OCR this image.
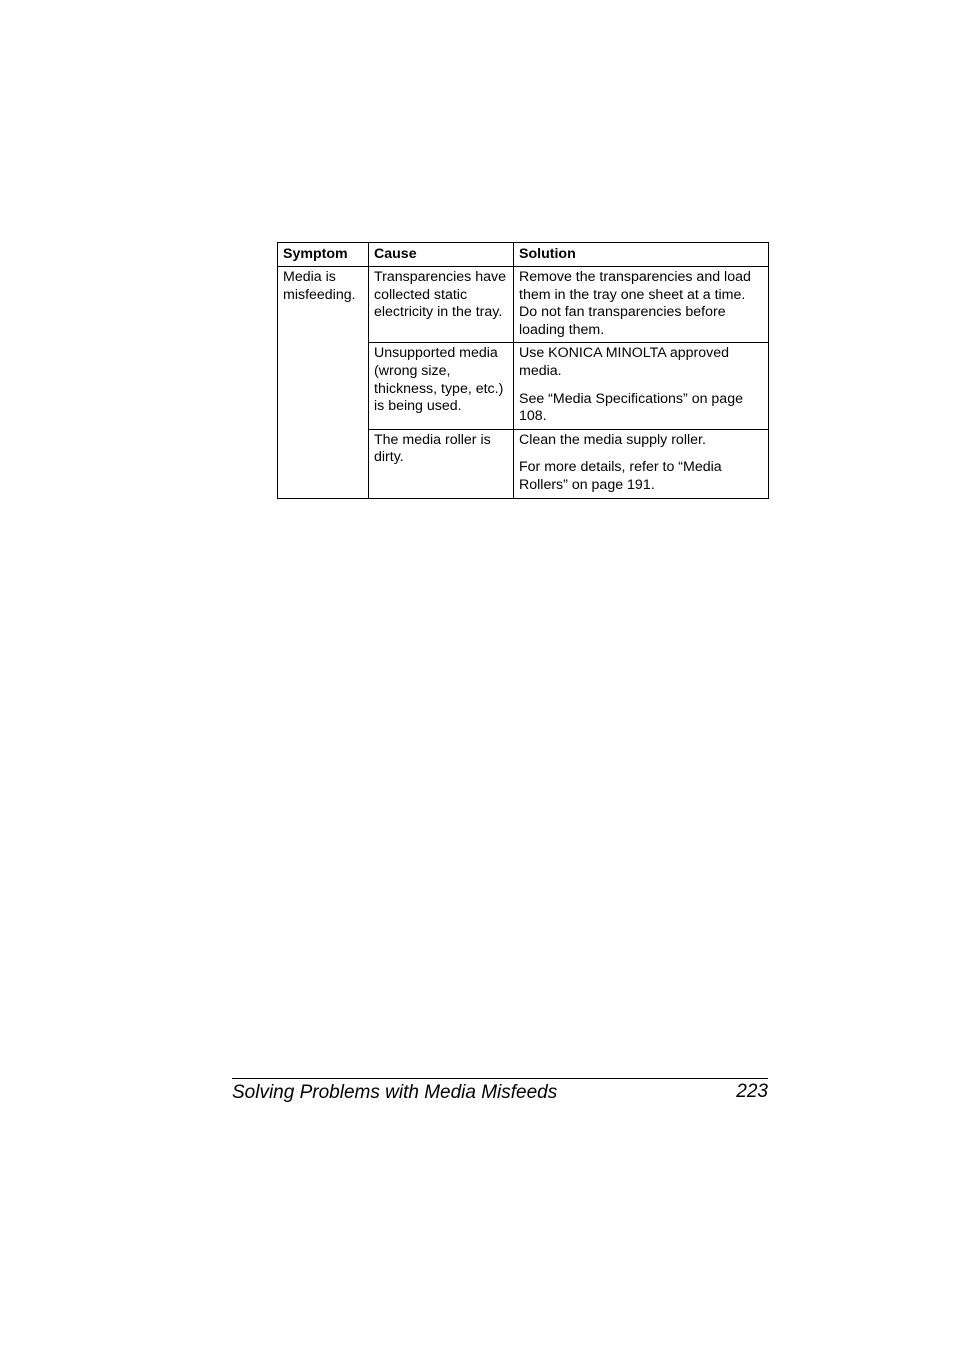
Symptom	Cause	Solution
Media is misfeeding.	Transparencies have collected static electricity in the tray.	Remove the transparencies and load them in the tray one sheet at a time. Do not fan transparencies before loading them.

	Unsupported media (wrong size, thickness, type, etc.) is being used.	Use KONICA MINOLTA approved media.

See “Media Specifications” on page 108.

	The media roller is dirty.	Clean the media supply roller.

For more details, refer to “Media Rollers” on page 191.

Solving Problems with Media Misfeeds	223
